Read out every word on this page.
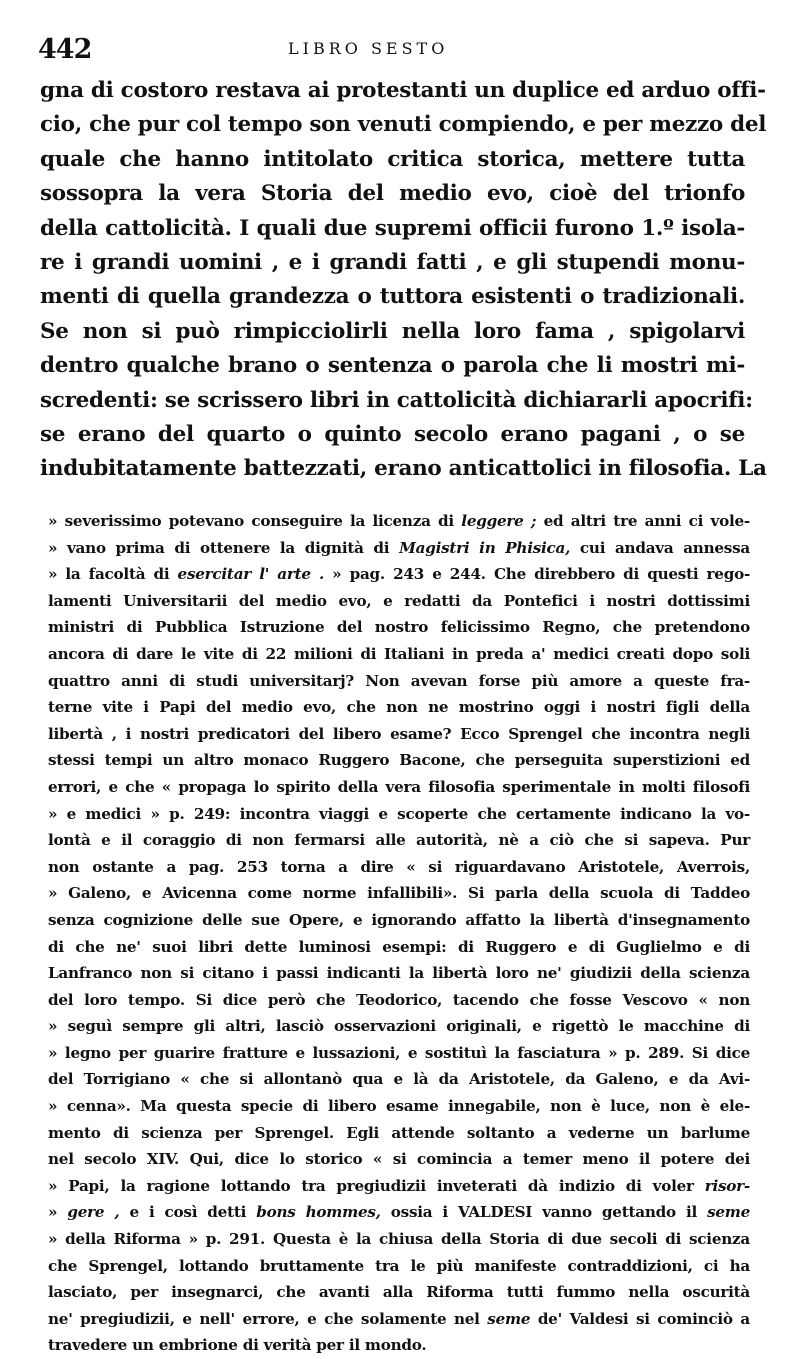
442	LIBRO SESTO
gna di costoro restava ai protestanti un duplice ed arduo offi-
cio, che pur col tempo son venuti compiendo, e per mezzo del
quale che hanno intitolato critica storica, mettere tutta
sossopra la vera Storia del medio evo, cioè del trionfo
della cattolicità. I quali due supremi officii furono 1.º isola-
re i grandi uomini , e i grandi fatti , e gli stupendi monu-
menti di quella grandezza o tuttora esistenti o tradizionali.
Se non si può rimpicciolirli nella loro fama , spigolarvi
dentro qualche brano o sentenza o parola che li mostri mi-
scredenti: se scrissero libri in cattolicità dichiararli apocrifi:
se erano del quarto o quinto secolo erano pagani , o se
indubitatamente battezzati, erano anticattolici in filosofia. La
» severissimo potevano conseguire la licenza di leggere ; ed altri tre anni ci vole-
» vano prima di ottenere la dignità di Magistri in Phisica, cui andava annessa
» la facoltà di esercitar l' arte . » pag. 243 e 244. Che direbbero di questi rego-
lamenti Universitarii del medio evo, e redatti da Pontefici i nostri dottissimi
ministri di Pubblica Istruzione del nostro felicissimo Regno, che pretendono
ancora di dare le vite di 22 milioni di Italiani in preda a' medici creati dopo soli
quattro anni di studi universitarj? Non avevan forse più amore a queste fra-
terne vite i Papi del medio evo, che non ne mostrino oggi i nostri figli della
libertà , i nostri predicatori del libero esame? Ecco Sprengel che incontra negli
stessi tempi un altro monaco Ruggero Bacone, che perseguita superstizioni ed
errori, e che « propaga lo spirito della vera filosofia sperimentale in molti filosofi
» e medici » p. 249: incontra viaggi e scoperte che certamente indicano la vo-
lontà e il coraggio di non fermarsi alle autorità, nè a ciò che si sapeva. Pur
non ostante a pag. 253 torna a dire « si riguardavano Aristotele, Averrois,
» Galeno, e Avicenna come norme infallibili». Si parla della scuola di Taddeo
senza cognizione delle sue Opere, e ignorando affatto la libertà d'insegnamento
di che ne' suoi libri dette luminosi esempi: di Ruggero e di Guglielmo e di
Lanfranco non si citano i passi indicanti la libertà loro ne' giudizii della scienza
del loro tempo. Si dice però che Teodorico, tacendo che fosse Vescovo « non
» seguì sempre gli altri, lasciò osservazioni originali, e rigettò le macchine di
» legno per guarire fratture e lussazioni, e sostituì la fasciatura » p. 289. Si dice
del Torrigiano « che si allontanò qua e là da Aristotele, da Galeno, e da Avi-
» cenna». Ma questa specie di libero esame innegabile, non è luce, non è ele-
mento di scienza per Sprengel. Egli attende soltanto a vederne un barlume
nel secolo XIV. Qui, dice lo storico « si comincia a temer meno il potere dei
» Papi, la ragione lottando tra pregiudizii inveterati dà indizio di voler risor-
» gere , e i così detti bons hommes, ossia i VALDESI vanno gettando il seme
» della Riforma » p. 291. Questa è la chiusa della Storia di due secoli di scienza
che Sprengel, lottando bruttamente tra le più manifeste contraddizioni, ci ha
lasciato, per insegnarci, che avanti alla Riforma tutti fummo nella oscurità
ne' pregiudizii, e nell' errore, e che solamente nel seme de' Valdesi si cominciò a
travedere un embrione di verità per il mondo.
